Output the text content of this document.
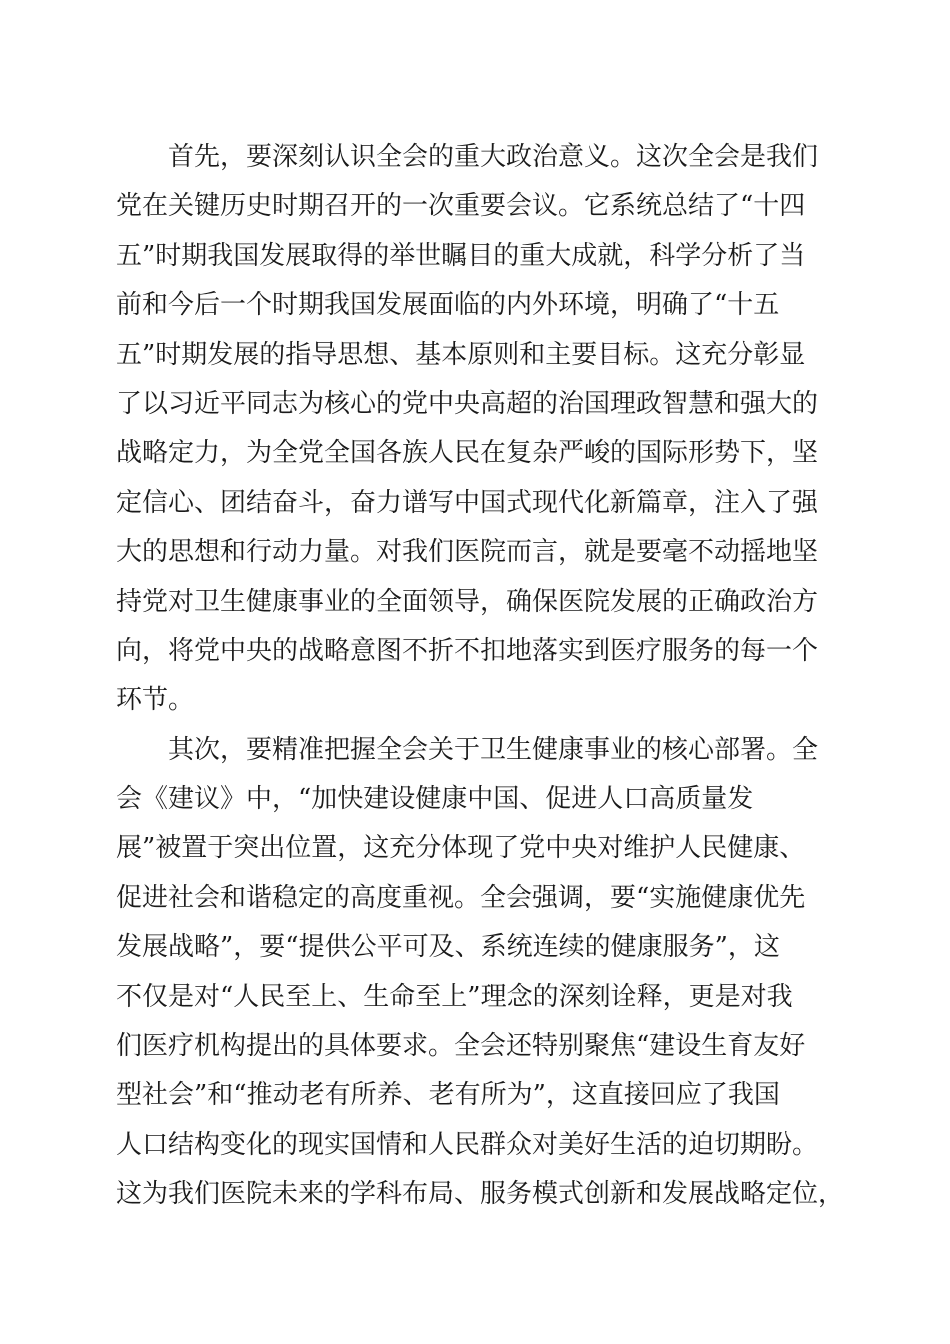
首先，要深刻认识全会的重大政治意义。这次全会是我们
党在关键历史时期召开的一次重要会议。它系统总结了“十四
五”时期我国发展取得的举世瞩目的重大成就，科学分析了当
前和今后一个时期我国发展面临的内外环境，明确了“十五
五”时期发展的指导思想、基本原则和主要目标。这充分彰显
了以习近平同志为核心的党中央高超的治国理政智慧和强大的
战略定力，为全党全国各族人民在复杂严峻的国际形势下，坚
定信心、团结奋斗，奋力谱写中国式现代化新篇章，注入了强
大的思想和行动力量。对我们医院而言，就是要毫不动摇地坚
持党对卫生健康事业的全面领导，确保医院发展的正确政治方
向，将党中央的战略意图不折不扣地落实到医疗服务的每一个
环节。
其次，要精准把握全会关于卫生健康事业的核心部署。全
会《建议》中，“加快建设健康中国、促进人口高质量发
展”被置于突出位置，这充分体现了党中央对维护人民健康、
促进社会和谐稳定的高度重视。全会强调，要“实施健康优先
发展战略”，要“提供公平可及、系统连续的健康服务”，这
不仅是对“人民至上、生命至上”理念的深刻诠释，更是对我
们医疗机构提出的具体要求。全会还特别聚焦“建设生育友好
型社会”和“推动老有所养、老有所为”，这直接回应了我国
人口结构变化的现实国情和人民群众对美好生活的迫切期盼。
这为我们医院未来的学科布局、服务模式创新和发展战略定位，
